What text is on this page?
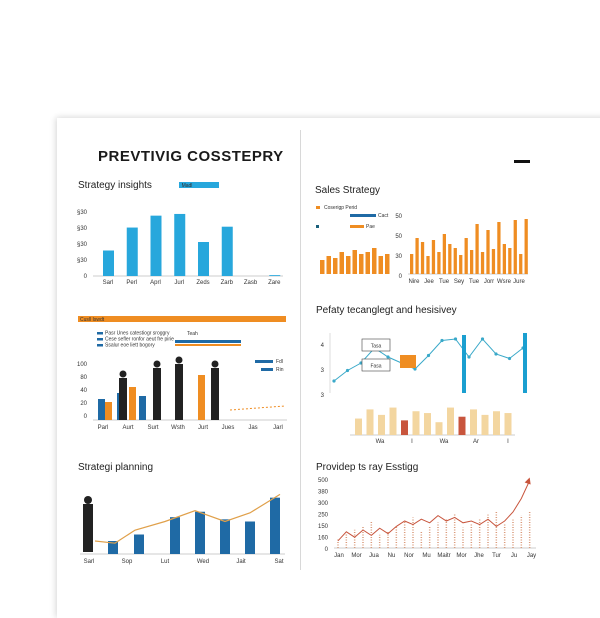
PREVTIVIG COSSTEPRY
Strategy insights	Madl
§30
§30
§30
§30
0
Sarl Perl Aprl Jurl Zeds Zarb Zasb Zare
Sales Strategy
Coserigp Perid
Cact
Pae
50
50
30
0
Nire Jee Tue Sey Tue Jorr Wsre Jure
Cusll Iswdt
Pasr Unes catestiogr sroggry
Cese sefler ronfor aeut fre pirie
Ssalur eoe liett bogory
Teah
Fdl
Rin
100
80
40
20
0
Parl Aurt Surt Wsth Jurt Jues Jas	Jarl
Pefaty tecanglegt and hesisivey
4
3
3
Tasa
Fasa
Wa	I	Wa	Ar	I
Strategi planning
Sarl	Sop	Lut	Wed	Jait	Sat
Providep ts ray Esstigg
500
380
300
250
150
160
0
Jan Mor Jua Nu Nor Mu Maitr Mor Jhe Tur Ju Jay
